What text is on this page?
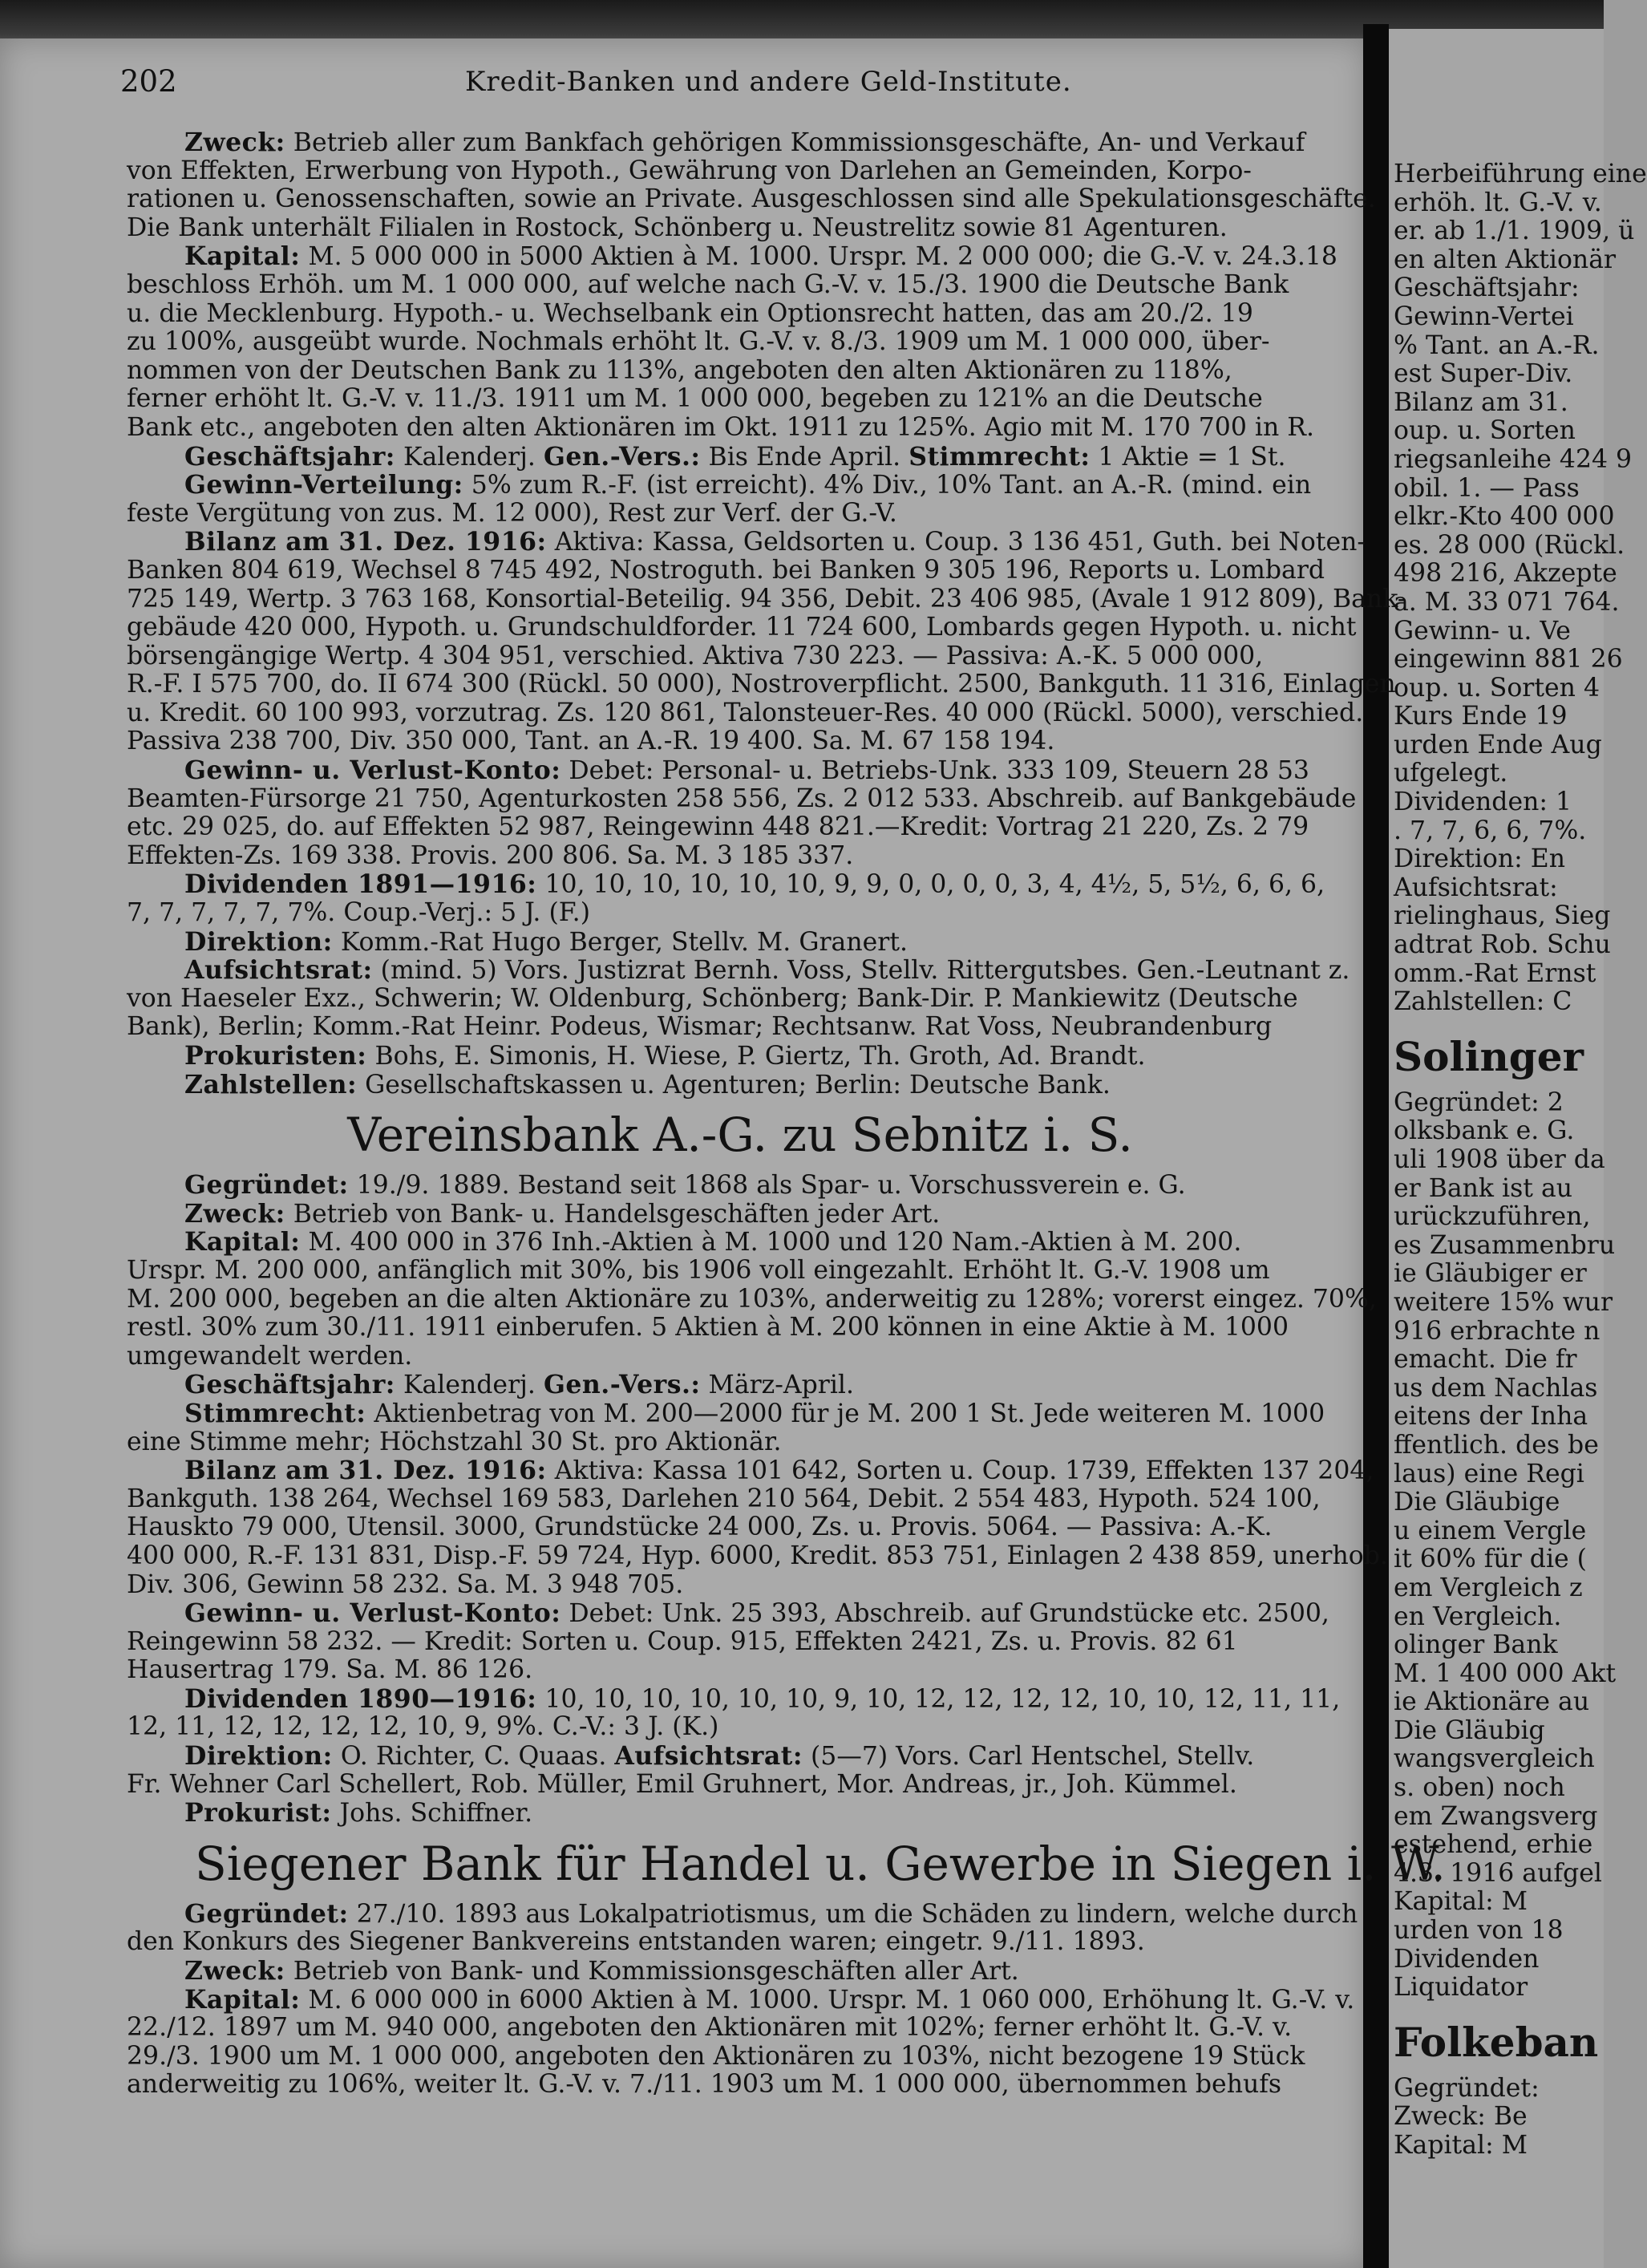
202	Kredit-Banken und andere Geld-Institute.
Zweck: Betrieb aller zum Bankfach gehörigen Kommissionsgeschäfte, An- und Verkauf
von Effekten, Erwerbung von Hypoth., Gewährung von Darlehen an Gemeinden, Korpo-
rationen u. Genossenschaften, sowie an Private. Ausgeschlossen sind alle Spekulationsgeschäfte.
Die Bank unterhält Filialen in Rostock, Schönberg u. Neustrelitz sowie 81 Agenturen.
Kapital: M. 5 000 000 in 5000 Aktien à M. 1000. Urspr. M. 2 000 000; die G.-V. v. 24.3.18
beschloss Erhöh. um M. 1 000 000, auf welche nach G.-V. v. 15./3. 1900 die Deutsche Bank
u. die Mecklenburg. Hypoth.- u. Wechselbank ein Optionsrecht hatten, das am 20./2. 19
zu 100%, ausgeübt wurde. Nochmals erhöht lt. G.-V. v. 8./3. 1909 um M. 1 000 000, über-
nommen von der Deutschen Bank zu 113%, angeboten den alten Aktionären zu 118%,
ferner erhöht lt. G.-V. v. 11./3. 1911 um M. 1 000 000, begeben zu 121% an die Deutsche
Bank etc., angeboten den alten Aktionären im Okt. 1911 zu 125%. Agio mit M. 170 700 in R.
Geschäftsjahr: Kalenderj. Gen.-Vers.: Bis Ende April. Stimmrecht: 1 Aktie = 1 St.
Gewinn-Verteilung: 5% zum R.-F. (ist erreicht). 4% Div., 10% Tant. an A.-R. (mind. ein
feste Vergütung von zus. M. 12 000), Rest zur Verf. der G.-V.
Bilanz am 31. Dez. 1916: Aktiva: Kassa, Geldsorten u. Coup. 3 136 451, Guth. bei Noten-
Banken 804 619, Wechsel 8 745 492, Nostroguth. bei Banken 9 305 196, Reports u. Lombard
725 149, Wertp. 3 763 168, Konsortial-Beteilig. 94 356, Debit. 23 406 985, (Avale 1 912 809), Bank-
gebäude 420 000, Hypoth. u. Grundschuldforder. 11 724 600, Lombards gegen Hypoth. u. nicht
börsengängige Wertp. 4 304 951, verschied. Aktiva 730 223. — Passiva: A.-K. 5 000 000,
R.-F. I 575 700, do. II 674 300 (Rückl. 50 000), Nostroverpflicht. 2500, Bankguth. 11 316, Einlagen
u. Kredit. 60 100 993, vorzutrag. Zs. 120 861, Talonsteuer-Res. 40 000 (Rückl. 5000), verschied.
Passiva 238 700, Div. 350 000, Tant. an A.-R. 19 400. Sa. M. 67 158 194.
Gewinn- u. Verlust-Konto: Debet: Personal- u. Betriebs-Unk. 333 109, Steuern 28 53
Beamten-Fürsorge 21 750, Agenturkosten 258 556, Zs. 2 012 533. Abschreib. auf Bankgebäude
etc. 29 025, do. auf Effekten 52 987, Reingewinn 448 821.—Kredit: Vortrag 21 220, Zs. 2 79
Effekten-Zs. 169 338. Provis. 200 806. Sa. M. 3 185 337.
Dividenden 1891—1916: 10, 10, 10, 10, 10, 10, 9, 9, 0, 0, 0, 0, 3, 4, 4½, 5, 5½, 6, 6, 6,
7, 7, 7, 7, 7, 7%. Coup.-Verj.: 5 J. (F.)
Direktion: Komm.-Rat Hugo Berger, Stellv. M. Granert.
Aufsichtsrat: (mind. 5) Vors. Justizrat Bernh. Voss, Stellv. Rittergutsbes. Gen.-Leutnant z.
von Haeseler Exz., Schwerin; W. Oldenburg, Schönberg; Bank-Dir. P. Mankiewitz (Deutsche
Bank), Berlin; Komm.-Rat Heinr. Podeus, Wismar; Rechtsanw. Rat Voss, Neubrandenburg
Prokuristen: Bohs, E. Simonis, H. Wiese, P. Giertz, Th. Groth, Ad. Brandt.
Zahlstellen: Gesellschaftskassen u. Agenturen; Berlin: Deutsche Bank.
Vereinsbank A.-G. zu Sebnitz i. S.
Gegründet: 19./9. 1889. Bestand seit 1868 als Spar- u. Vorschussverein e. G.
Zweck: Betrieb von Bank- u. Handelsgeschäften jeder Art.
Kapital: M. 400 000 in 376 Inh.-Aktien à M. 1000 und 120 Nam.-Aktien à M. 200.
Urspr. M. 200 000, anfänglich mit 30%, bis 1906 voll eingezahlt. Erhöht lt. G.-V. 1908 um
M. 200 000, begeben an die alten Aktionäre zu 103%, anderweitig zu 128%; vorerst eingez. 70%,
restl. 30% zum 30./11. 1911 einberufen. 5 Aktien à M. 200 können in eine Aktie à M. 1000
umgewandelt werden.
Geschäftsjahr: Kalenderj. Gen.-Vers.: März-April.
Stimmrecht: Aktienbetrag von M. 200—2000 für je M. 200 1 St. Jede weiteren M. 1000
eine Stimme mehr; Höchstzahl 30 St. pro Aktionär.
Bilanz am 31. Dez. 1916: Aktiva: Kassa 101 642, Sorten u. Coup. 1739, Effekten 137 204,
Bankguth. 138 264, Wechsel 169 583, Darlehen 210 564, Debit. 2 554 483, Hypoth. 524 100,
Hauskto 79 000, Utensil. 3000, Grundstücke 24 000, Zs. u. Provis. 5064. — Passiva: A.-K.
400 000, R.-F. 131 831, Disp.-F. 59 724, Hyp. 6000, Kredit. 853 751, Einlagen 2 438 859, unerhob.
Div. 306, Gewinn 58 232. Sa. M. 3 948 705.
Gewinn- u. Verlust-Konto: Debet: Unk. 25 393, Abschreib. auf Grundstücke etc. 2500,
Reingewinn 58 232. — Kredit: Sorten u. Coup. 915, Effekten 2421, Zs. u. Provis. 82 61
Hausertrag 179. Sa. M. 86 126.
Dividenden 1890—1916: 10, 10, 10, 10, 10, 10, 9, 10, 12, 12, 12, 12, 10, 10, 12, 11, 11,
12, 11, 12, 12, 12, 12, 10, 9, 9%. C.-V.: 3 J. (K.)
Direktion: O. Richter, C. Quaas. Aufsichtsrat: (5—7) Vors. Carl Hentschel, Stellv.
Fr. Wehner Carl Schellert, Rob. Müller, Emil Gruhnert, Mor. Andreas, jr., Joh. Kümmel.
Prokurist: Johs. Schiffner.
Siegener Bank für Handel u. Gewerbe in Siegen i. W.
Gegründet: 27./10. 1893 aus Lokalpatriotismus, um die Schäden zu lindern, welche durch
den Konkurs des Siegener Bankvereins entstanden waren; eingetr. 9./11. 1893.
Zweck: Betrieb von Bank- und Kommissionsgeschäften aller Art.
Kapital: M. 6 000 000 in 6000 Aktien à M. 1000. Urspr. M. 1 060 000, Erhöhung lt. G.-V. v.
22./12. 1897 um M. 940 000, angeboten den Aktionären mit 102%; ferner erhöht lt. G.-V. v.
29./3. 1900 um M. 1 000 000, angeboten den Aktionären zu 103%, nicht bezogene 19 Stück
anderweitig zu 106%, weiter lt. G.-V. v. 7./11. 1903 um M. 1 000 000, übernommen behufs
Herbeiführung eine
erhöh. lt. G.-V. v.
er. ab 1./1. 1909, ü
en alten Aktionär
Geschäftsjahr:
Gewinn-Vertei
% Tant. an A.-R.
est Super-Div.
Bilanz am 31.
oup. u. Sorten
riegsanleihe 424 9
obil. 1. — Pass
elkr.-Kto 400 000
es. 28 000 (Rückl.
498 216, Akzepte
a. M. 33 071 764.
Gewinn- u. Ve
eingewinn 881 26
oup. u. Sorten 4
Kurs Ende 19
urden Ende Aug
ufgelegt.
Dividenden: 1
. 7, 7, 6, 6, 7%.
Direktion: En
Aufsichtsrat:
rielinghaus, Sieg
adtrat Rob. Schu
omm.-Rat Ernst
Zahlstellen: C
Solinger
Gegründet: 2
olksbank e. G.
uli 1908 über da
er Bank ist au
urückzuführen,
es Zusammenbru
ie Gläubiger er
weitere 15% wur
916 erbrachte n
emacht. Die fr
us dem Nachlas
eitens der Inha
ffentlich. des be
laus) eine Regi
Die Gläubige
u einem Vergle
it 60% für die (
em Vergleich z
en Vergleich.
olinger Bank
M. 1 400 000 Akt
ie Aktionäre au
Die Gläubig
wangsvergleich
s. oben) noch
em Zwangsverg
estehend, erhie
4.3. 1916 aufgel
Kapital: M
urden von 18
Dividenden
Liquidator
Folkeban
Gegründet:
Zweck: Be
Kapital: M
